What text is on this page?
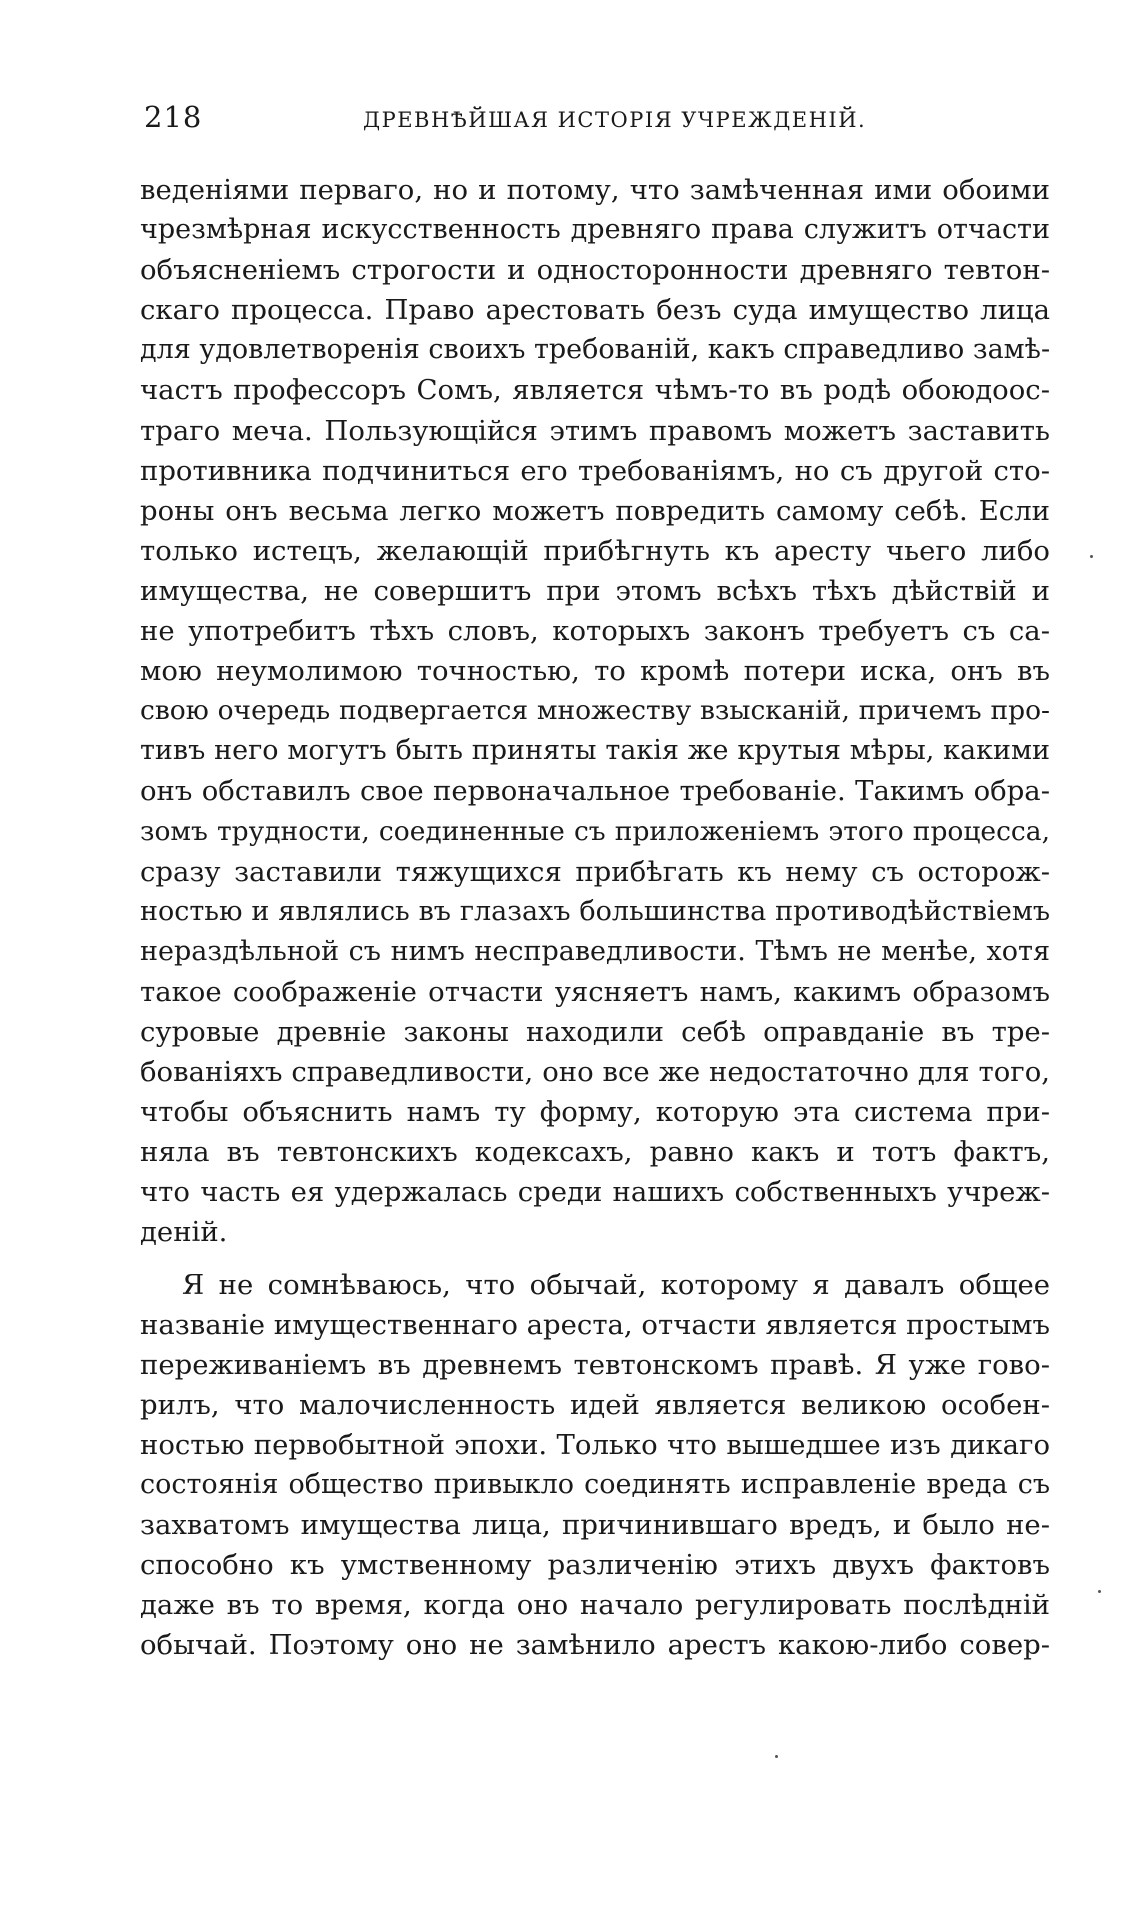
218	ДРЕВНѢЙШАЯ ИСТОРІЯ УЧРЕЖДЕНІЙ.
веденіями перваго, но и потому, что замѣченная ими обоими
чрезмѣрная искусственность древняго права служитъ отчасти
объясненіемъ строгости и односторонности древняго тевтон-
скаго процесса. Право арестовать безъ суда имущество лица
для удовлетворенія своихъ требованій, какъ справедливо замѣ-
частъ профессоръ Сомъ, является чѣмъ-то въ родѣ обоюдоос-
траго меча. Пользующійся этимъ правомъ можетъ заставить
противника подчиниться его требованіямъ, но съ другой сто-
роны онъ весьма легко можетъ повредить самому себѣ. Если
только истецъ, желающій прибѣгнуть къ аресту чьего либо
имущества, не совершитъ при этомъ всѣхъ тѣхъ дѣйствій и
не употребитъ тѣхъ словъ, которыхъ законъ требуетъ съ са-
мою неумолимою точностью, то кромѣ потери иска, онъ въ
свою очередь подвергается множеству взысканій, причемъ про-
тивъ него могутъ быть приняты такія же крутыя мѣры, какими
онъ обставилъ свое первоначальное требованіе. Такимъ обра-
зомъ трудности, соединенные съ приложеніемъ этого процесса,
сразу заставили тяжущихся прибѣгать къ нему съ осторож-
ностью и являлись въ глазахъ большинства противодѣйствіемъ
нераздѣльной съ нимъ несправедливости. Тѣмъ не менѣе, хотя
такое соображеніе отчасти уясняетъ намъ, какимъ образомъ
суровые древніе законы находили себѣ оправданіе въ тре-
бованіяхъ справедливости, оно все же недостаточно для того,
чтобы объяснить намъ ту форму, которую эта система при-
няла въ тевтонскихъ кодексахъ, равно какъ и тотъ фактъ,
что часть ея удержалась среди нашихъ собственныхъ учреж-
деній.
Я не сомнѣваюсь, что обычай, которому я давалъ общее
названіе имущественнаго ареста, отчасти является простымъ
переживаніемъ въ древнемъ тевтонскомъ правѣ. Я уже гово-
рилъ, что малочисленность идей является великою особен-
ностью первобытной эпохи. Только что вышедшее изъ дикаго
состоянія общество привыкло соединять исправленіе вреда съ
захватомъ имущества лица, причинившаго вредъ, и было не-
способно къ умственному различенію этихъ двухъ фактовъ
даже въ то время, когда оно начало регулировать послѣдній
обычай. Поэтому оно не замѣнило арестъ какою-либо совер-
